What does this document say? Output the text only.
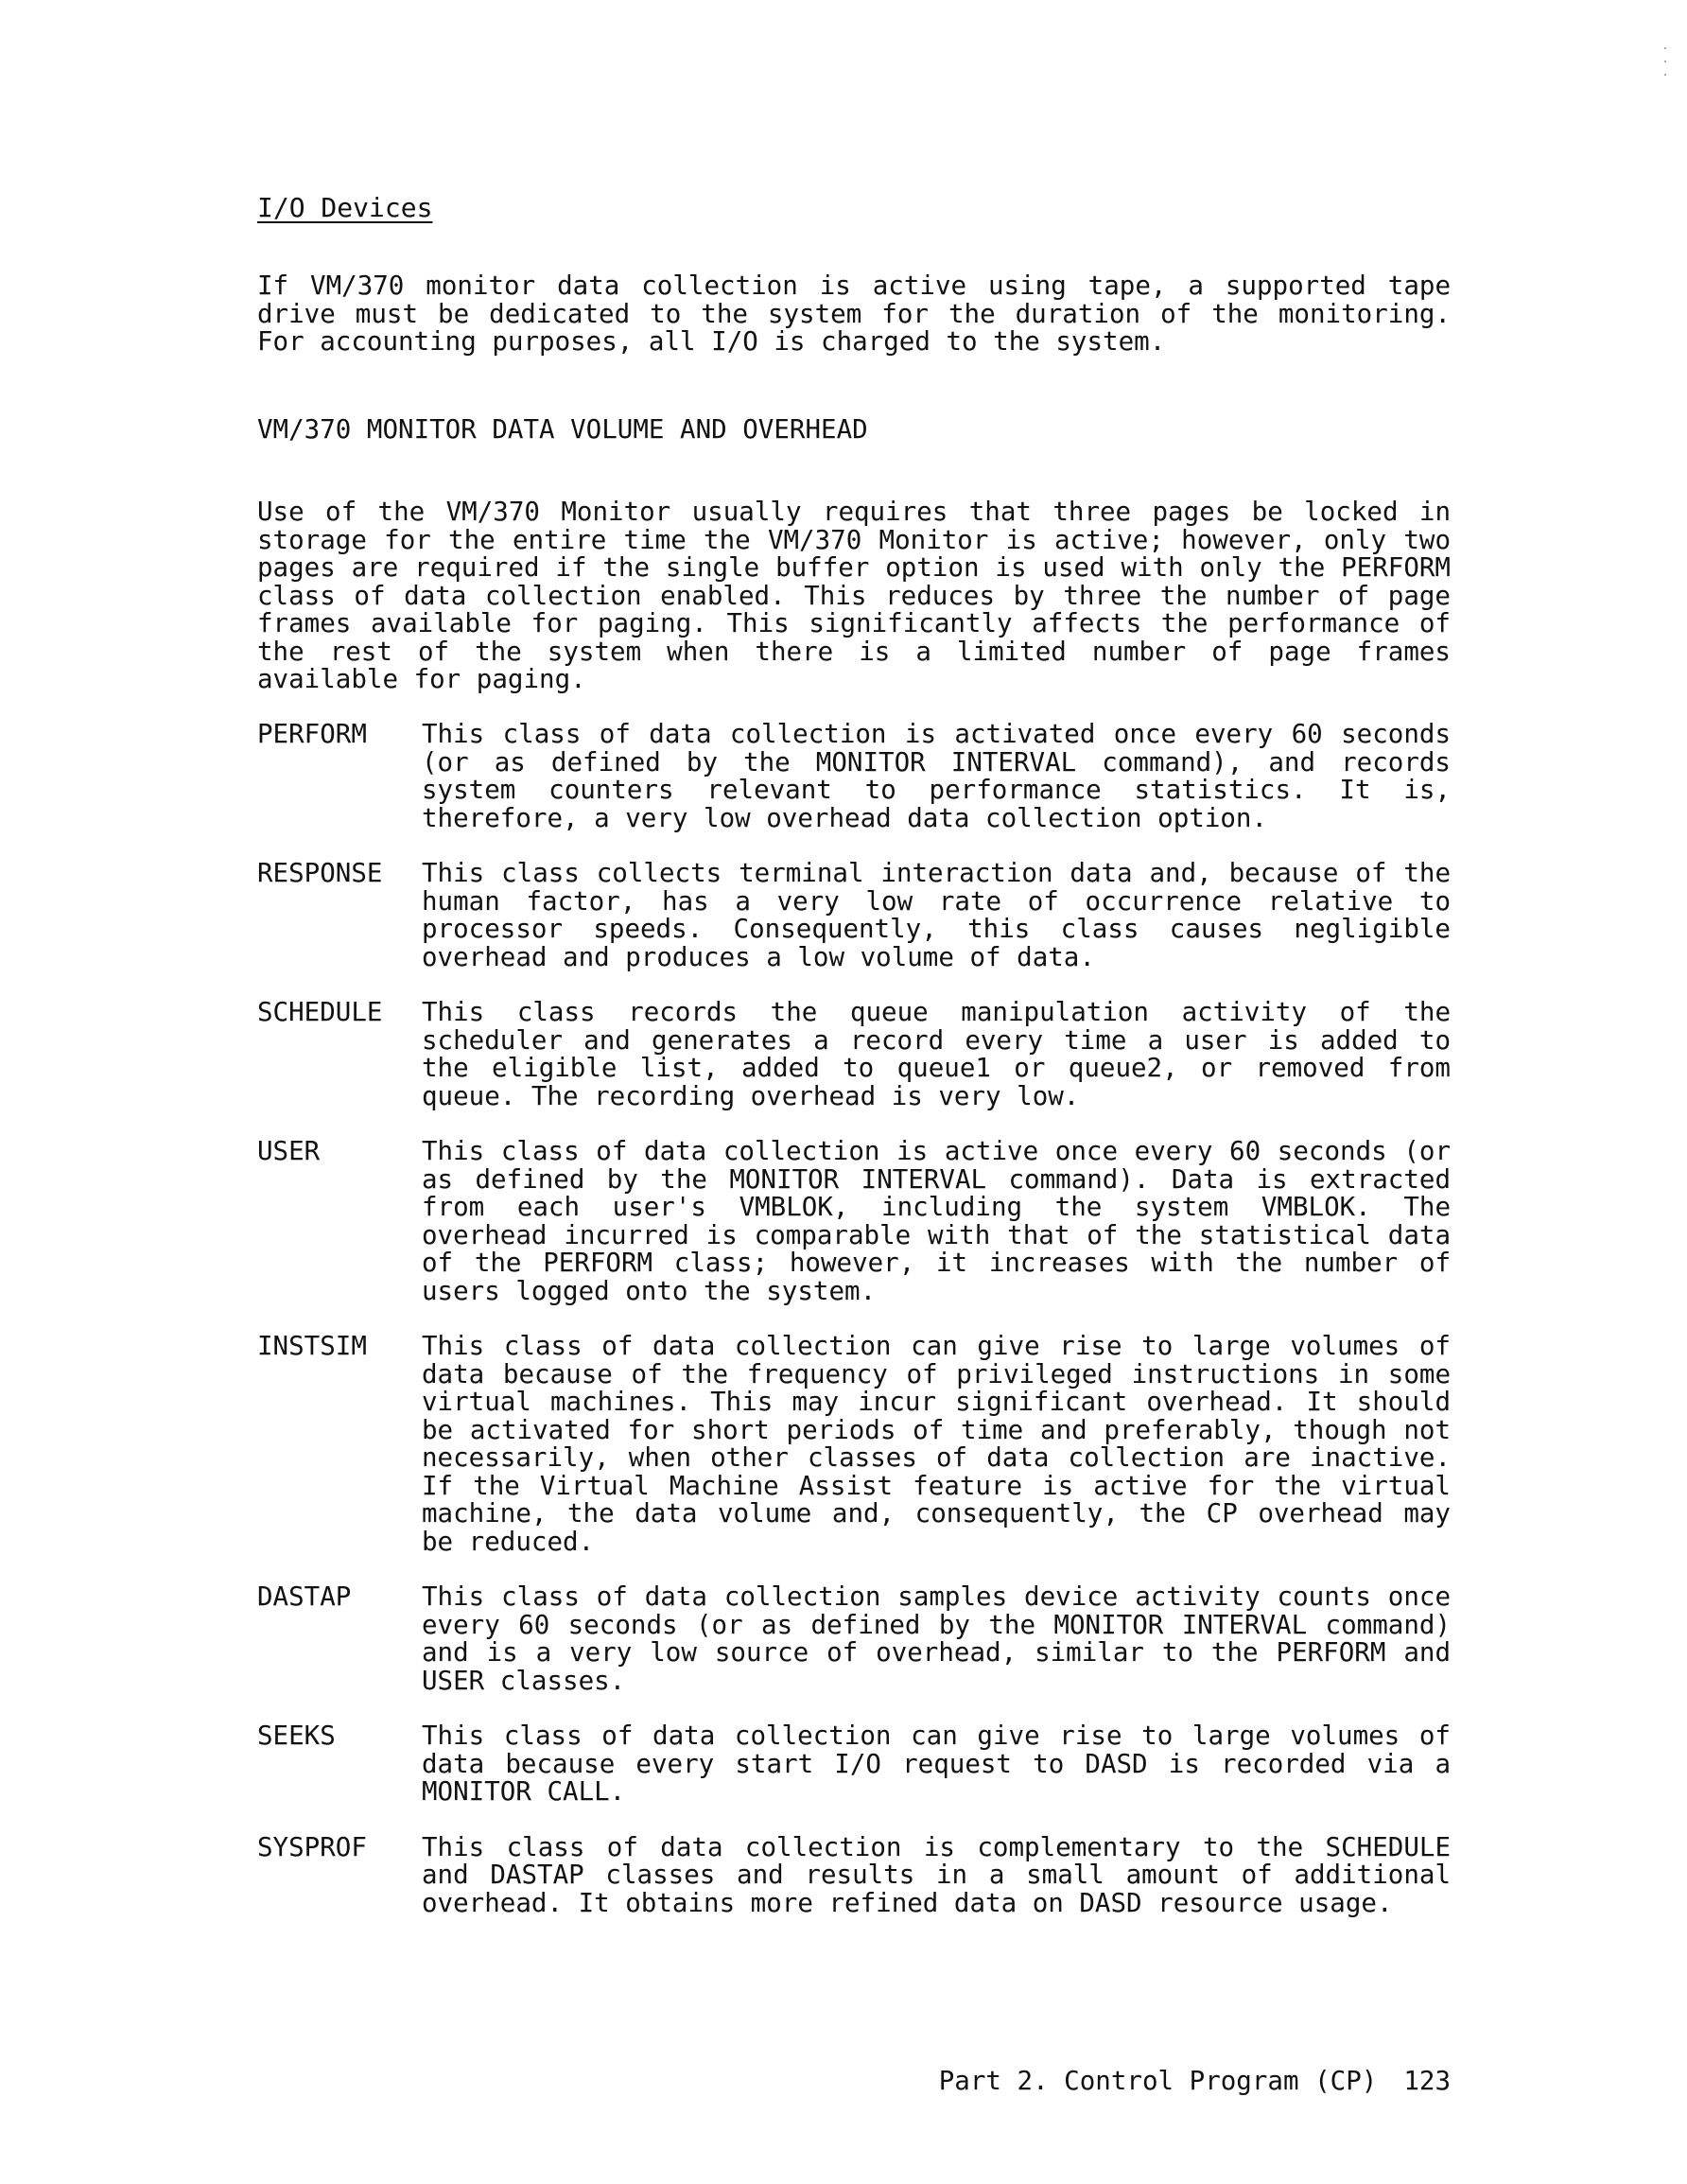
I/O Devices
If VM/370 monitor data collection is active using tape, a supported tape drive must be dedicated to the system for the duration of the monitoring. For accounting purposes, all I/O is charged to the system.
VM/370 MONITOR DATA VOLUME AND OVERHEAD
Use of the VM/370 Monitor usually requires that three pages be locked in storage for the entire time the VM/370 Monitor is active; however, only two pages are required if the single buffer option is used with only the PERFORM class of data collection enabled. This reduces by three the number of page frames available for paging. This significantly affects the performance of the rest of the system when there is a limited number of page frames available for paging.
PERFORM This class of data collection is activated once every 60 seconds (or as defined by the MONITOR INTERVAL command), and records system counters relevant to performance statistics. It is, therefore, a very low overhead data collection option.
RESPONSE This class collects terminal interaction data and, because of the human factor, has a very low rate of occurrence relative to processor speeds. Consequently, this class causes negligible overhead and produces a low volume of data.
SCHEDULE This class records the queue manipulation activity of the scheduler and generates a record every time a user is added to the eligible list, added to queue1 or queue2, or removed from queue. The recording overhead is very low.
USER	This class of data collection is active once every 60 seconds (or as defined by the MONITOR INTERVAL command). Data is extracted from each user's VMBLOK, including the system VMBLOK. The overhead incurred is comparable with that of the statistical data of the PERFORM class; however, it increases with the number of users logged onto the system.
INSTSIM This class of data collection can give rise to large volumes of data because of the frequency of privileged instructions in some virtual machines. This may incur significant overhead. It should be activated for short periods of time and preferably, though not necessarily, when other classes of data collection are inactive. If the Virtual Machine Assist feature is active for the virtual machine, the data volume and, consequently, the CP overhead may be reduced.
DASTAP	This class of data collection samples device activity counts once every 60 seconds (or as defined by the MONITOR INTERVAL command) and is a very low source of overhead, similar to the PERFORM and USER classes.
SEEKS	This class of data collection can give rise to large volumes of data because every start I/O request to DASD is recorded via a MONITOR CALL.
SYSPROF This class of data collection is complementary to the SCHEDULE and DASTAP classes and results in a small amount of additional overhead. It obtains more refined data on DASD resource usage.

Part 2. Control Program (CP) 123
